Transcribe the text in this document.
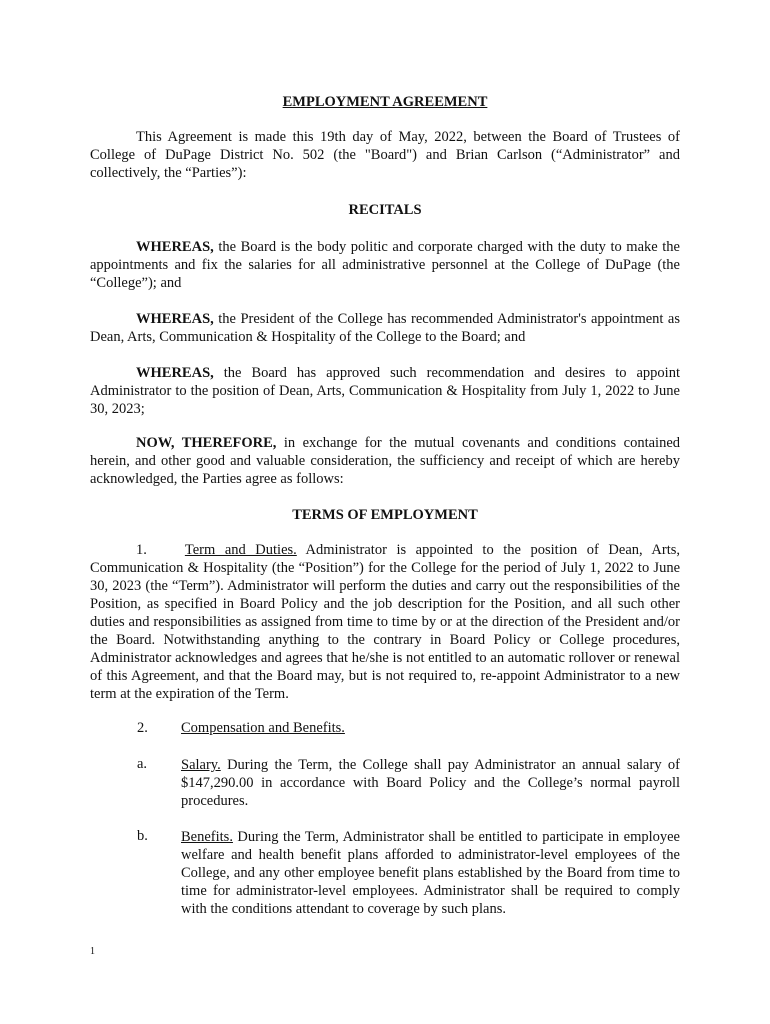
EMPLOYMENT AGREEMENT
This Agreement is made this 19th day of May, 2022, between the Board of Trustees of College of DuPage District No. 502 (the "Board") and Brian Carlson (“Administrator” and collectively, the “Parties”):
RECITALS
WHEREAS, the Board is the body politic and corporate charged with the duty to make the appointments and fix the salaries for all administrative personnel at the College of DuPage (the “College”); and
WHEREAS, the President of the College has recommended Administrator's appointment as Dean, Arts, Communication & Hospitality of the College to the Board; and
WHEREAS, the Board has approved such recommendation and desires to appoint Administrator to the position of Dean, Arts, Communication & Hospitality from July 1, 2022 to June 30, 2023;
NOW, THEREFORE, in exchange for the mutual covenants and conditions contained herein, and other good and valuable consideration, the sufficiency and receipt of which are hereby acknowledged, the Parties agree as follows:
TERMS OF EMPLOYMENT
1.	Term and Duties. Administrator is appointed to the position of Dean, Arts, Communication & Hospitality (the “Position”) for the College for the period of July 1, 2022 to June 30, 2023 (the “Term”). Administrator will perform the duties and carry out the responsibilities of the Position, as specified in Board Policy and the job description for the Position, and all such other duties and responsibilities as assigned from time to time by or at the direction of the President and/or the Board. Notwithstanding anything to the contrary in Board Policy or College procedures, Administrator acknowledges and agrees that he/she is not entitled to an automatic rollover or renewal of this Agreement, and that the Board may, but is not required to, re-appoint Administrator to a new term at the expiration of the Term.
2. Compensation and Benefits.
a. Salary. During the Term, the College shall pay Administrator an annual salary of $147,290.00 in accordance with Board Policy and the College’s normal payroll procedures.
b. Benefits. During the Term, Administrator shall be entitled to participate in employee welfare and health benefit plans afforded to administrator-level employees of the College, and any other employee benefit plans established by the Board from time to time for administrator-level employees. Administrator shall be required to comply with the conditions attendant to coverage by such plans.
1
